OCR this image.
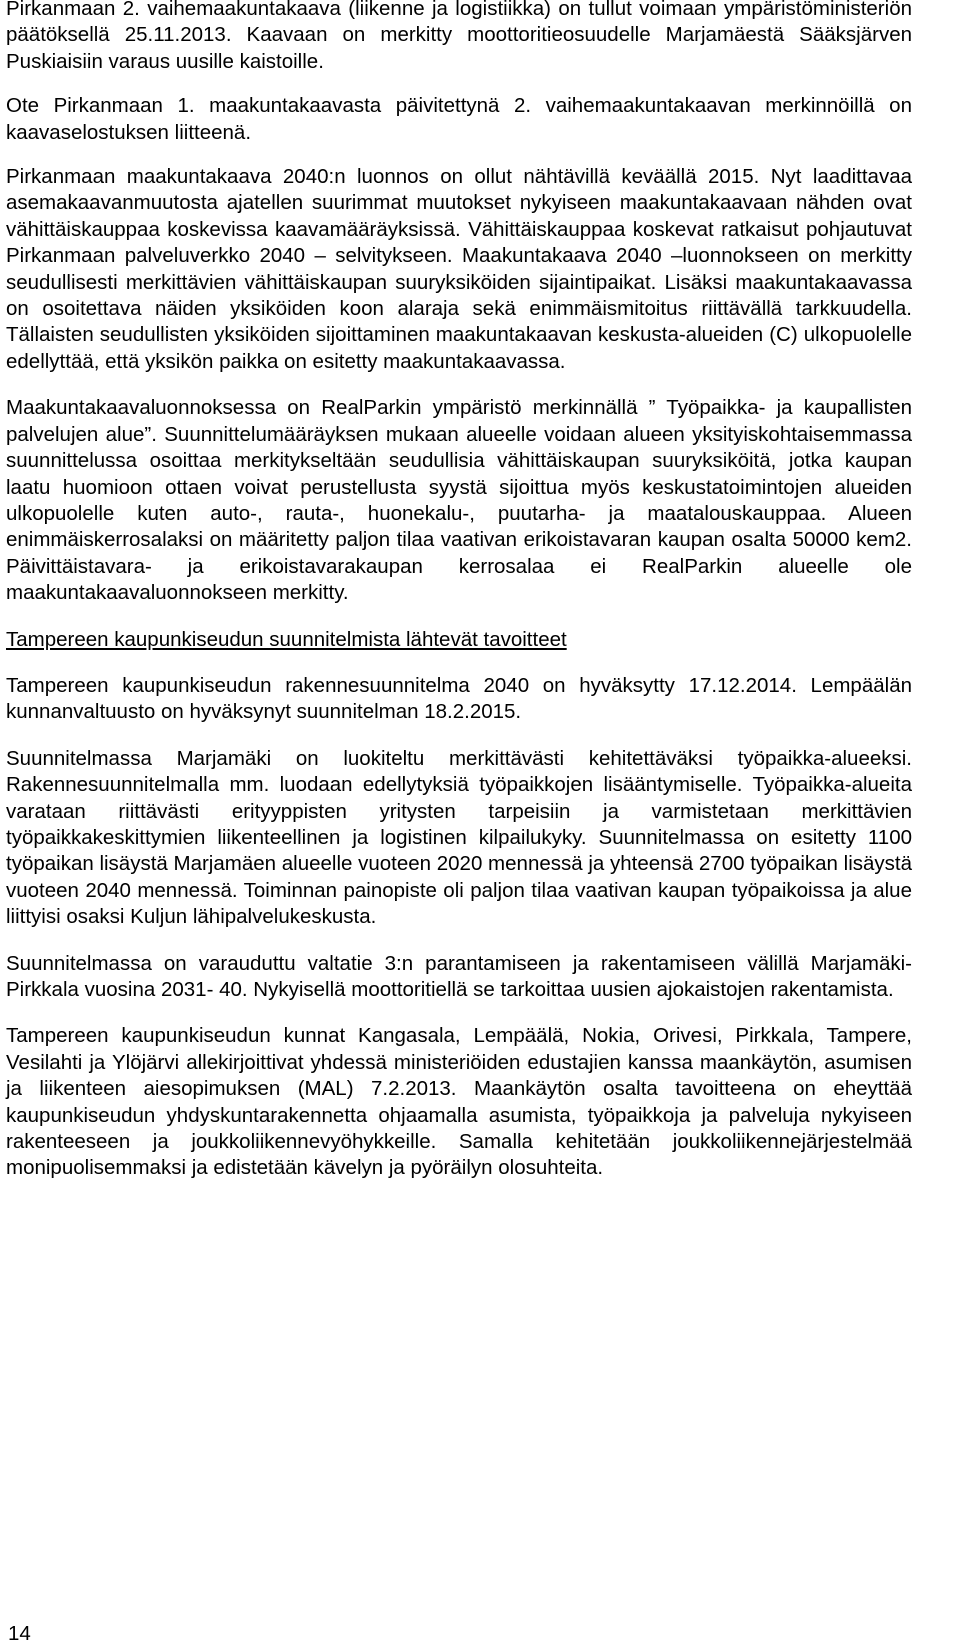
Pirkanmaan 2. vaihemaakuntakaava (liikenne ja logistiikka) on tullut voimaan ympäristöministeriön päätöksellä 25.11.2013. Kaavaan on merkitty moottoritieosuudelle Marjamäestä Sääksjärven Puskiaisiin varaus uusille kaistoille.

Ote Pirkanmaan 1. maakuntakaavasta päivitettynä 2. vaihemaakuntakaavan merkinnöillä on kaavaselostuksen liitteenä.

Pirkanmaan maakuntakaava 2040:n luonnos on ollut nähtävillä keväällä 2015. Nyt laadittavaa asemakaavanmuutosta ajatellen suurimmat muutokset nykyiseen maakuntakaavaan nähden ovat vähittäiskauppaa koskevissa kaavamääräyksissä. Vähittäiskauppaa koskevat ratkaisut pohjautuvat Pirkanmaan palveluverkko 2040 – selvitykseen. Maakuntakaava 2040 –luonnokseen on merkitty seudullisesti merkittävien vähittäiskaupan suuryksiköiden sijaintipaikat. Lisäksi maakuntakaavassa on osoitettava näiden yksiköiden koon alaraja sekä enimmäismitoitus riittävällä tarkkuudella. Tällaisten seudullisten yksiköiden sijoittaminen maakuntakaavan keskusta-alueiden (C) ulkopuolelle edellyttää, että yksikön paikka on esitetty maakuntakaavassa.

Maakuntakaavaluonnoksessa on RealParkin ympäristö merkinnällä ” Työpaikka- ja kaupallisten palvelujen alue”. Suunnittelumääräyksen mukaan alueelle voidaan alueen yksityiskohtaisemmassa suunnittelussa osoittaa merkitykseltään seudullisia vähittäiskaupan suuryksiköitä, jotka kaupan laatu huomioon ottaen voivat perustellusta syystä sijoittua myös keskustatoimintojen alueiden ulkopuolelle kuten auto-, rauta-, huonekalu-, puutarha- ja maatalouskauppaa. Alueen enimmäiskerrosalaksi on määritetty paljon tilaa vaativan erikoistavaran kaupan osalta 50000 kem2. Päivittäistavara- ja erikoistavarakaupan kerrosalaa ei RealParkin alueelle ole maakuntakaavaluonnokseen merkitty.

Tampereen kaupunkiseudun suunnitelmista lähtevät tavoitteet

Tampereen kaupunkiseudun rakennesuunnitelma 2040 on hyväksytty 17.12.2014. Lempäälän kunnanvaltuusto on hyväksynyt suunnitelman 18.2.2015.

Suunnitelmassa Marjamäki on luokiteltu merkittävästi kehitettäväksi työpaikka-alueeksi. Rakennesuunnitelmalla mm. luodaan edellytyksiä työpaikkojen lisääntymiselle. Työpaikka-alueita varataan riittävästi erityyppisten yritysten tarpeisiin ja varmistetaan merkittävien työpaikkakeskittymien liikenteellinen ja logistinen kilpailukyky. Suunnitelmassa on esitetty 1100 työpaikan lisäystä Marjamäen alueelle vuoteen 2020 mennessä ja yhteensä 2700 työpaikan lisäystä vuoteen 2040 mennessä. Toiminnan painopiste oli paljon tilaa vaativan kaupan työpaikoissa ja alue liittyisi osaksi Kuljun lähipalvelukeskusta.

Suunnitelmassa on varauduttu valtatie 3:n parantamiseen ja rakentamiseen välillä Marjamäki- Pirkkala vuosina 2031- 40. Nykyisellä moottoritiellä se tarkoittaa uusien ajokaistojen rakentamista.

Tampereen kaupunkiseudun kunnat Kangasala, Lempäälä, Nokia, Orivesi, Pirkkala, Tampere, Vesilahti ja Ylöjärvi allekirjoittivat yhdessä ministeriöiden edustajien kanssa maankäytön, asumisen ja liikenteen aiesopimuksen (MAL) 7.2.2013. Maankäytön osalta tavoitteena on eheyttää kaupunkiseudun yhdyskuntarakennetta ohjaamalla asumista, työpaikkoja ja palveluja nykyiseen rakenteeseen ja joukkoliikennevyöhykkeille. Samalla kehitetään joukkoliikennejärjestelmää monipuolisemmaksi ja edistetään kävelyn ja pyöräilyn olosuhteita.

14
